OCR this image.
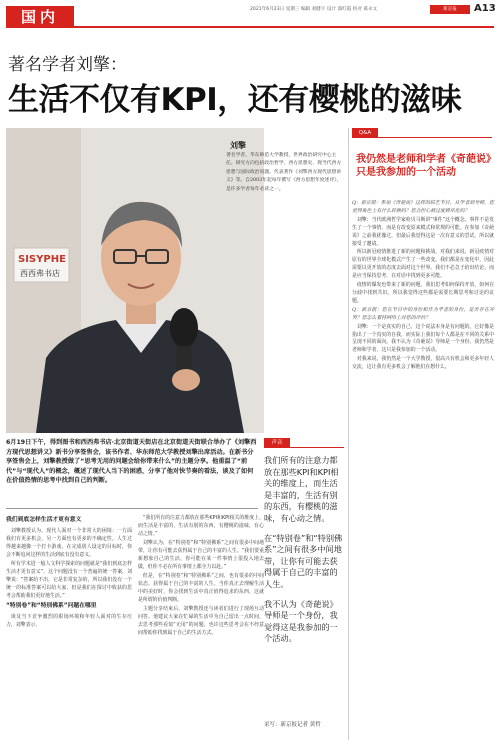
国内	2021年6月23日 星期三 编辑 刘健宇 设计 邵红霞 校对 葛永文	新京报	A13
著名学者刘擎：
生活不仅有KPI，还有樱桃的滋味
SISYPHE
西西弗书店
刘擎
著名学者，华东师范大学教授，世界政治研究中心主任。研究方向包括政治哲学、西方思想史、现当代西方思想与国际政治问题。代表著作《刘擎西方现代思想讲义》等。自2003年起每年撰写《西方思想年度述评》，是许多学者每年必读之一。
Q&A
我仍然是老师和学者《奇葩说》只是我参加的一个活动

Q：新京报：参加《奇葩说》这样的综艺节目，从学者到导师，您觉得角色上有什么转换吗？您会担心被过度娱乐化吗？

刘擎：当代欧洲哲学家哈贝马斯讲“事件”这个概念，事件不是发生了一个事情，而是有改变原来模式和常规的可能。在参加《奇葩说》之前我犹豫过，但最后我觉得这是一次有意义的尝试，所以就接受了邀请。

所以新冠疫情推进了新的问题和挑战，对我们来说，新冠疫情对原有的世界全球化模式产生了一些改变。我们都是在变化中，因此需要以更开放的态度去面对这个世界。我们不必急于给出结论，而是应当保持思考，在对话中找到更多可能。

疫情的爆发也带来了新的问题，我们思考如何保持开放，如何在分歧中找到共识。所以我觉得这些都是需要长期思考和讨论的议题。

Q：新京报：您在节目中的身份和作为学者的身份，是否存在冲突？您怎么看待网络上对您的评价？

刘擎：一个是真实的自己，这个说法本身是有问题的。它好像是指出了一个真实的自我，而实际上我们每个人都是在不同的关系中呈现不同的面向。我不认为《奇葩说》导师是一个身份，我仍然是老师和学者，这只是我参加的一个活动。

对我来说，我仍然是一个大学教授，很高兴有机会和更多年轻人交流，这让我有更多机会了解他们在想什么。

6月19日下午，得到图书和西西弗书店·北京街道天街店在北京街道天街联合举办了《刘擎西方现代思想讲义》新书分享签售会，该书作者、华东师范大学教授刘擎出席活动。在新书分享签售会上，刘擎教授做了“思考无用的问题会给你带来什么”的主题分享。他重温了“前代”与“现代人”的概念，概述了现代人当下的困惑，分享了他对快节奏的看法，谈及了如何在价值热情的思考中找到自己的判断。
我们到底怎样生活才更有意义

刘擎教授认为，现代人面对一个非常大的困境：一方面我们有更多机会，另一方面也有更多的不确定性。人生过得越来越像一个打卡游戏，在完成别人设定的目标时，你会不断追问这样的生活到底有没有意义。

所有学术进一般人文科学探索的问题就是“我们到底怎样生活才更有意义”，这个问题没有一个普遍的统一答案，刘擎说：“答案给不出，它是非常复杂的，所以我们没有一个统一的标准答案可以给大家，但是我们在探讨中收获的思考会帮助我们更好地生活。”

“特别卷”和“特别佛系”问题在哪里

谈及当下竞争激烈的职场环境和年轻人面对的生存压力，刘擎表示，

“我们所有的注意力都放在那些KPI和KPI相关的维度上，而生活是丰富的，生活有别的东西，有樱桃的滋味，有心动之情。”

刘擎认为，在“特别卷”和“特别佛系”之间有很多中间地带，让你有可能去获得属于自己的丰富的人生。“我们要重新想象自己的生活，你可能在某一件事情上很投入地去做，但你不必在所有事情上都全力以赴。”

但是，在“特别卷”和“特别佛系”之间，也有很多的中间状态，获得属于自己的丰富的人生。当你真正去理解生活中的美好时，你会找到生活中真正值得追求的东西，这就是所谓的价值判断。

主题分享结束后，刘擎教授还与读者们进行了现场互动问答。他建议大家在忙碌的生活中为自己留出一点时间，去思考那些看似“无用”的问题，也许这些思考会在不经意间帮助你找到属于自己的生活方式。

声音

我们所有的注意力都放在那些KPI和KPI相关的维度上，而生活是丰富的，生活有别的东西，有樱桃的滋味，有心动之情。

在“特别卷”和“特别佛系”之间有很多中间地带，让你有可能去获得属于自己的丰富的人生。

我不认为《奇葩说》导师是一个身份，我觉得这是我参加的一个活动。

采写：新京报记者 黄哲
